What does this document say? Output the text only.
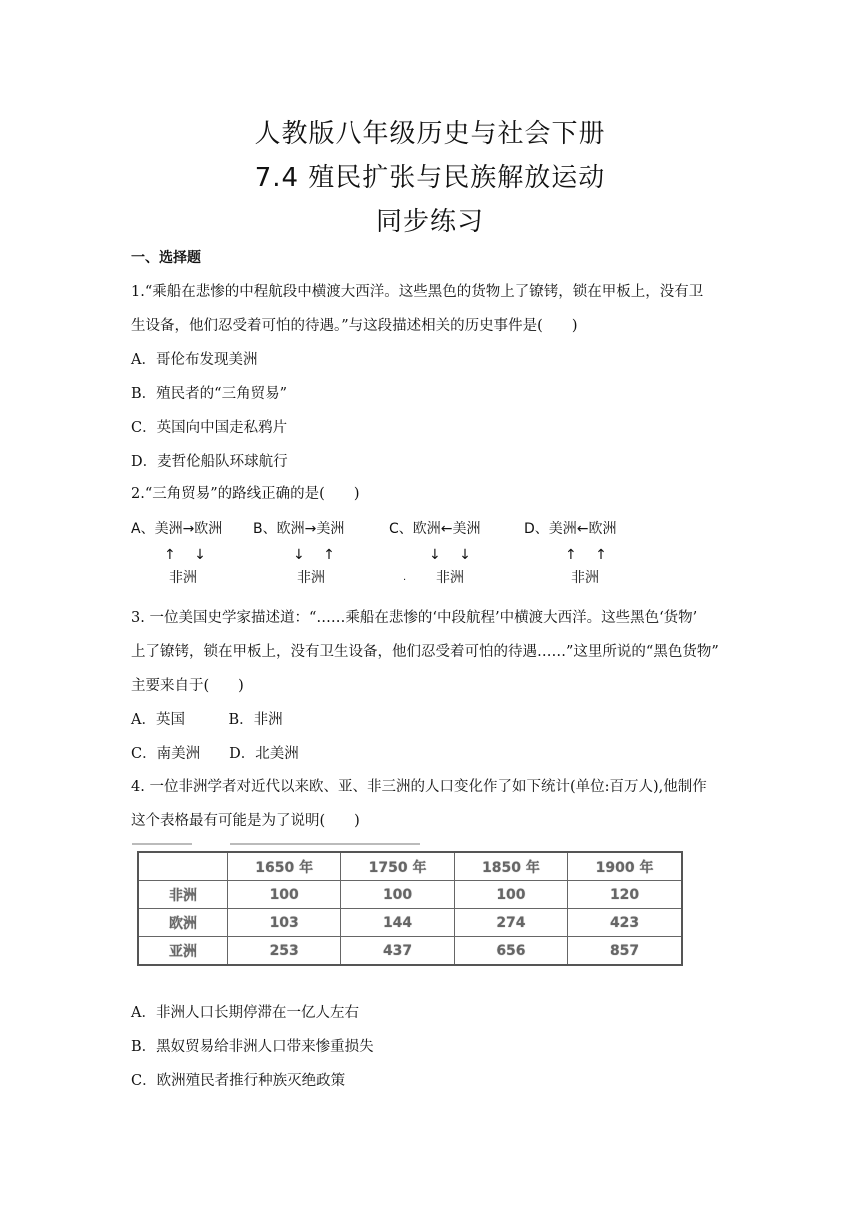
人教版八年级历史与社会下册
7.4 殖民扩张与民族解放运动
同步练习
一、选择题
1.“乘船在悲惨的中程航段中横渡大西洋。这些黑色的货物上了镣铐，锁在甲板上，没有卫
生设备，他们忍受着可怕的待遇。”与这段描述相关的历史事件是(　　)
A．哥伦布发现美洲
B．殖民者的“三角贸易”
C．英国向中国走私鸦片
D．麦哲伦船队环球航行
2.“三角贸易”的路线正确的是(　　)
A、美洲→欧洲
↑　 ↓
非洲
B、欧洲→美洲
↓　 ↑
非洲
C、欧洲←美洲
↓　 ↓
非洲
D、美洲←欧洲
↑　 ↑
非洲
.
3. 一位美国史学家描述道：“……乘船在悲惨的‘中段航程’中横渡大西洋。这些黑色‘货物’
上了镣铐，锁在甲板上，没有卫生设备，他们忍受着可怕的待遇……”这里所说的“黑色货物”
主要来自于(　　)
A．英国　　　B．非洲
C．南美洲　　D．北美洲
4. 一位非洲学者对近代以来欧、亚、非三洲的人口变化作了如下统计(单位:百万人),他制作
这个表格最有可能是为了说明(　　)
	1650 年	1750 年	1850 年	1900 年
非洲	100	100	100	120
欧洲	103	144	274	423
亚洲	253	437	656	857
A．非洲人口长期停滞在一亿人左右
B．黑奴贸易给非洲人口带来惨重损失
C．欧洲殖民者推行种族灭绝政策
